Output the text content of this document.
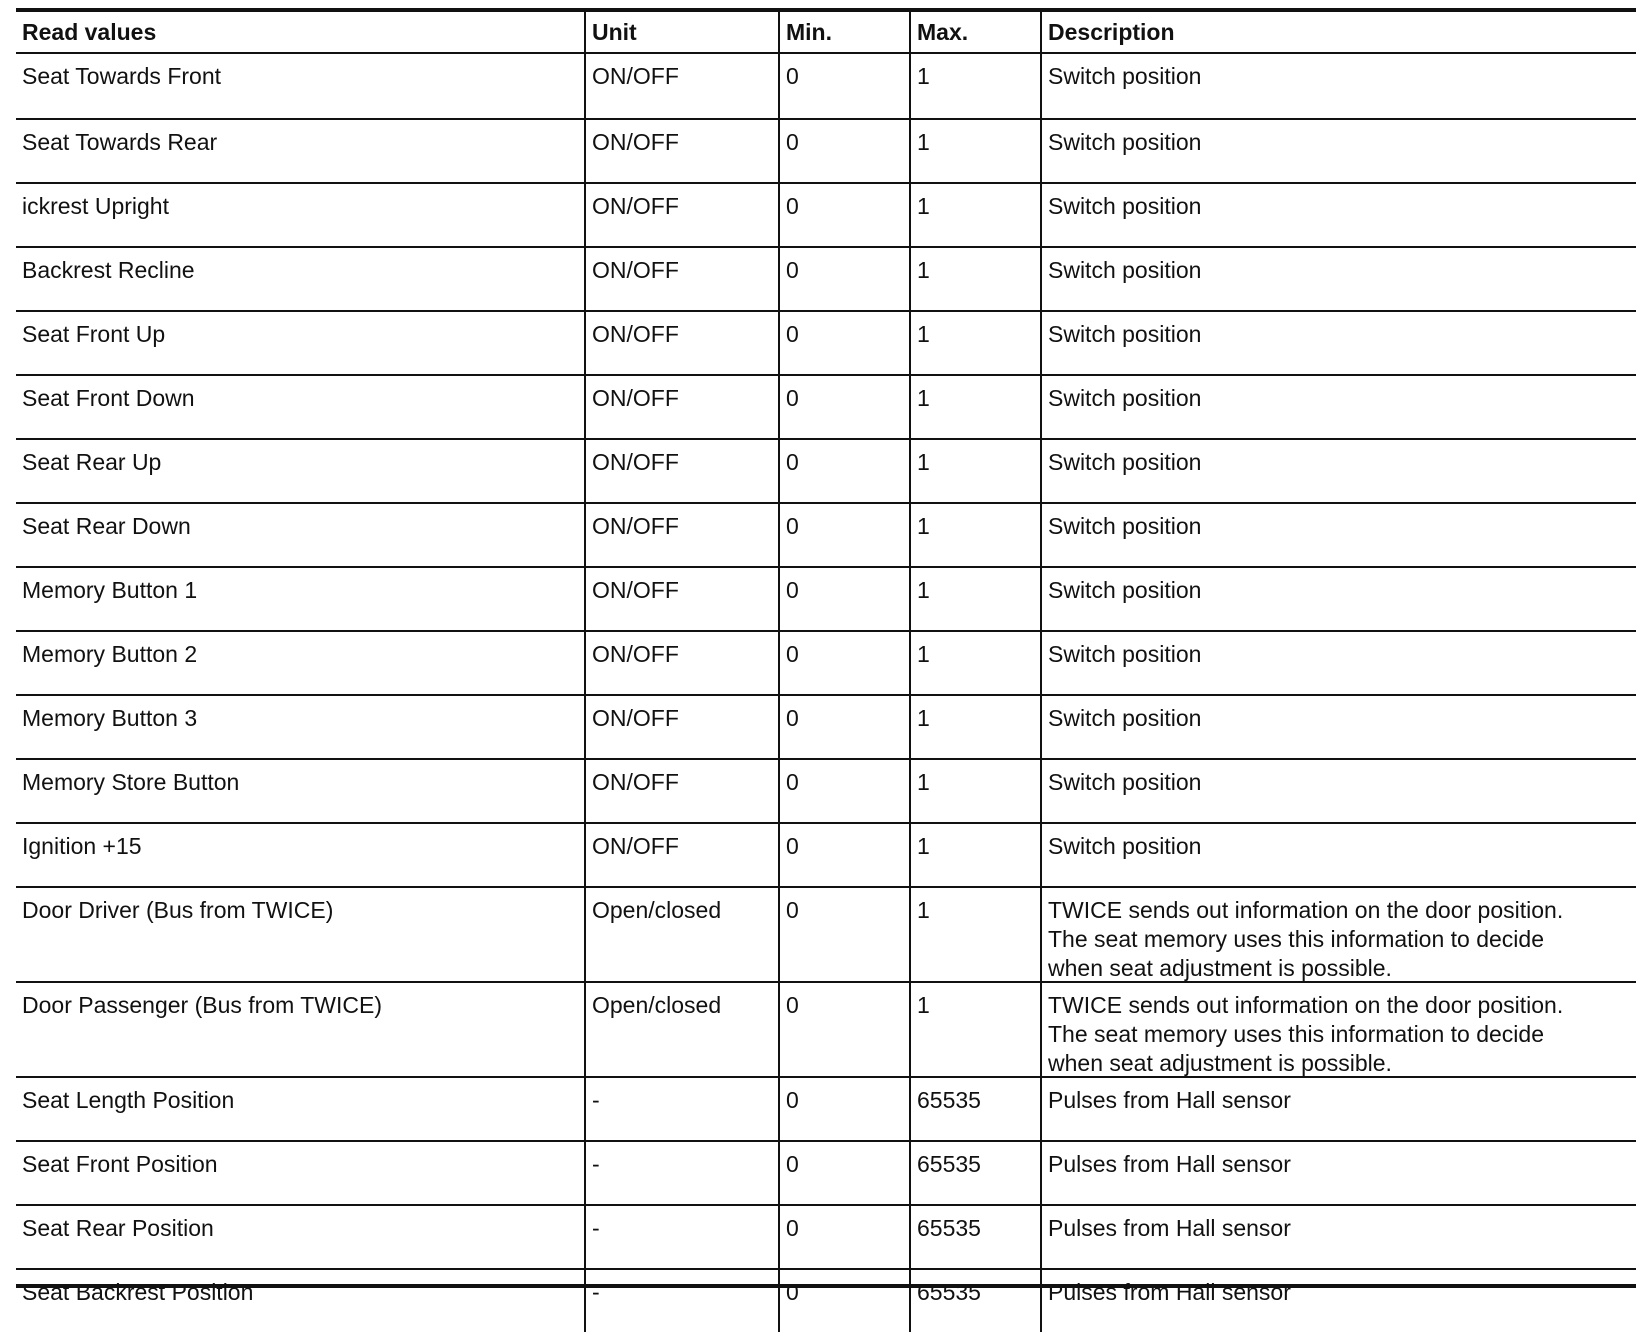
Read values	Unit	Min.	Max.	Description
Seat Towards Front	ON/OFF	0	1	Switch position
Seat Towards Rear	ON/OFF	0	1	Switch position
ickrest Upright	ON/OFF	0	1	Switch position
Backrest Recline	ON/OFF	0	1	Switch position
Seat Front Up	ON/OFF	0	1	Switch position
Seat Front Down	ON/OFF	0	1	Switch position
Seat Rear Up	ON/OFF	0	1	Switch position
Seat Rear Down	ON/OFF	0	1	Switch position
Memory Button 1	ON/OFF	0	1	Switch position
Memory Button 2	ON/OFF	0	1	Switch position
Memory Button 3	ON/OFF	0	1	Switch position
Memory Store Button	ON/OFF	0	1	Switch position
Ignition +15	ON/OFF	0	1	Switch position
Door Driver (Bus from TWICE)	Open/closed	0	1	TWICE sends out information on the door position.
The seat memory uses this information to decide
when seat adjustment is possible.
Door Passenger (Bus from TWICE)	Open/closed	0	1	TWICE sends out information on the door position.
The seat memory uses this information to decide
when seat adjustment is possible.
Seat Length Position	-	0	65535	Pulses from Hall sensor
Seat Front Position	-	0	65535	Pulses from Hall sensor
Seat Rear Position	-	0	65535	Pulses from Hall sensor
Seat Backrest Position	-	0	65535	Pulses from Hall sensor
